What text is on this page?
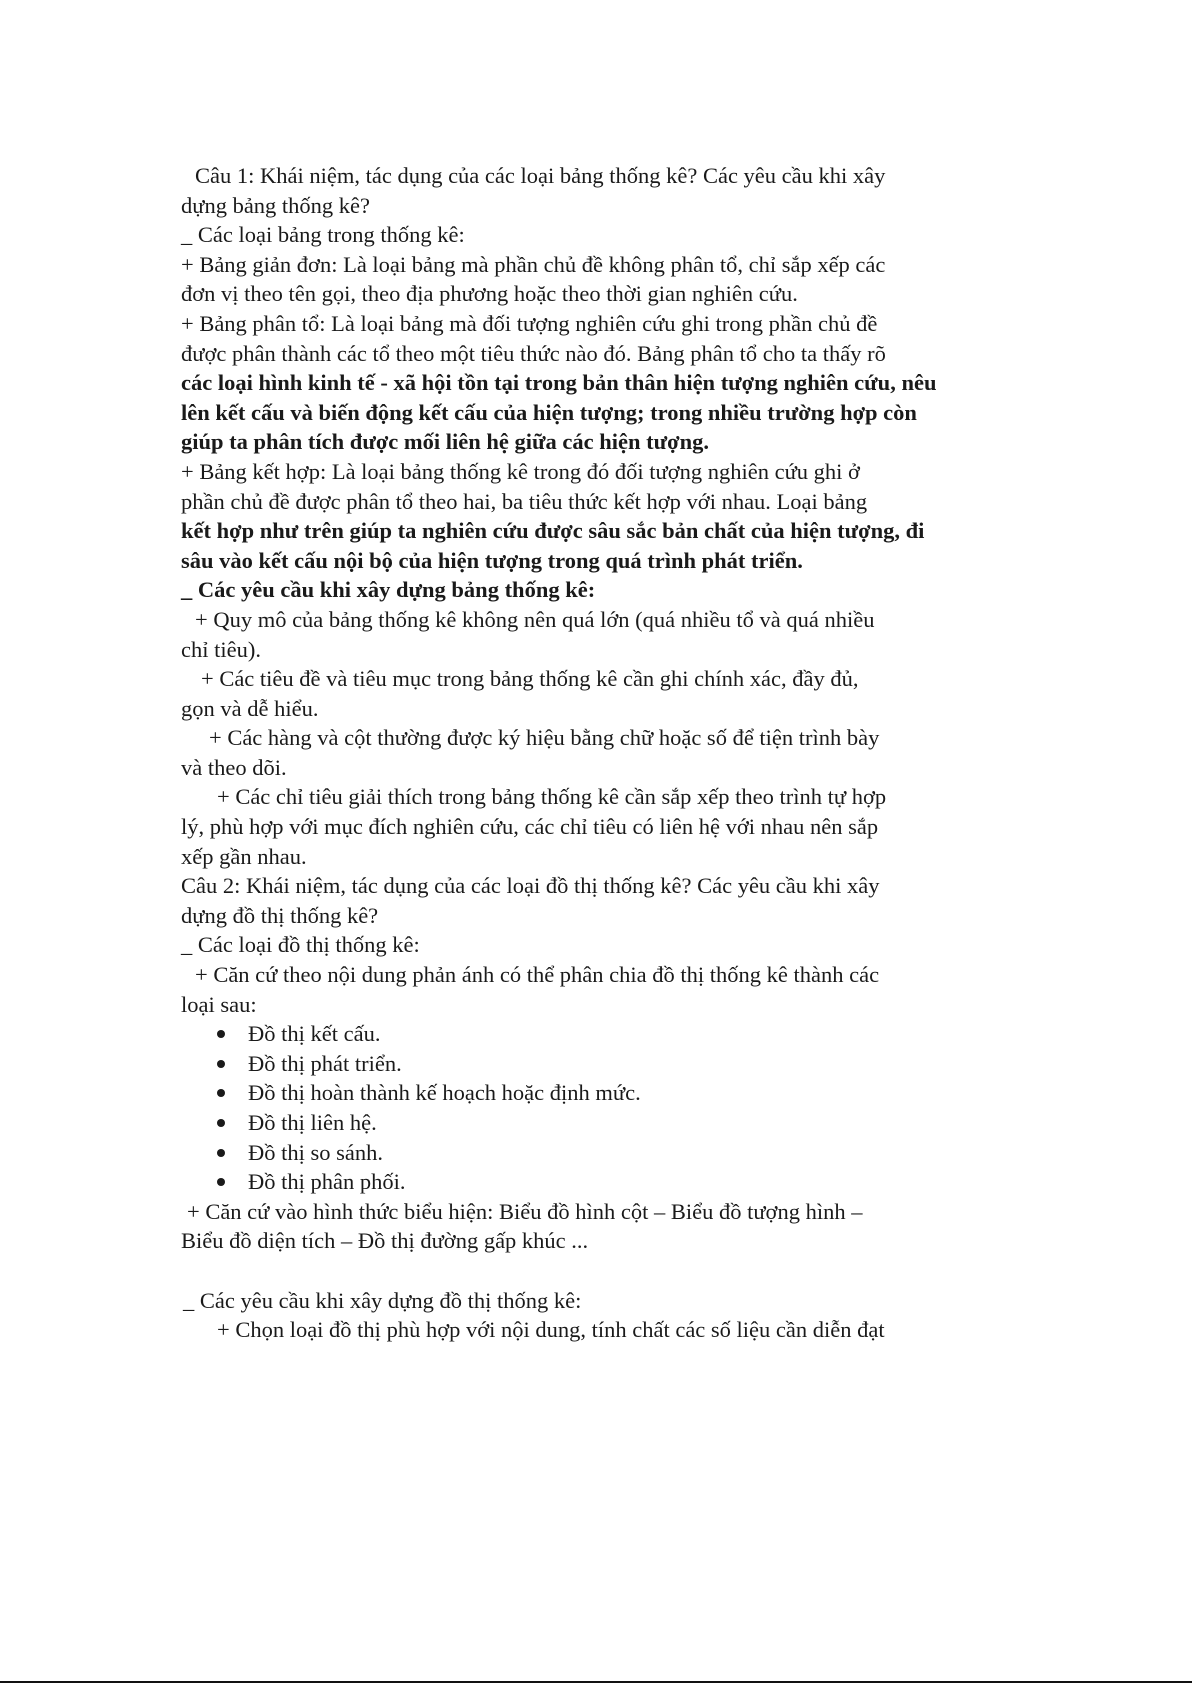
Câu 1: Khái niệm, tác dụng của các loại bảng thống kê? Các yêu cầu khi xây
dựng bảng thống kê?
_ Các loại bảng trong thống kê:
+ Bảng giản đơn: Là loại bảng mà phần chủ đề không phân tổ, chỉ sắp xếp các
đơn vị theo tên gọi, theo địa phương hoặc theo thời gian nghiên cứu.
+ Bảng phân tổ: Là loại bảng mà đối tượng nghiên cứu ghi trong phần chủ đề
được phân thành các tổ theo một tiêu thức nào đó. Bảng phân tổ cho ta thấy rõ
các loại hình kinh tế - xã hội tồn tại trong bản thân hiện tượng nghiên cứu, nêu
lên kết cấu và biến động kết cấu của hiện tượng; trong nhiều trường hợp còn
giúp ta phân tích được mối liên hệ giữa các hiện tượng.
+ Bảng kết hợp: Là loại bảng thống kê trong đó đối tượng nghiên cứu ghi ở
phần chủ đề được phân tổ theo hai, ba tiêu thức kết hợp với nhau. Loại bảng
kết hợp như trên giúp ta nghiên cứu được sâu sắc bản chất của hiện tượng, đi
sâu vào kết cấu nội bộ của hiện tượng trong quá trình phát triển.
_ Các yêu cầu khi xây dựng bảng thống kê:
+ Quy mô của bảng thống kê không nên quá lớn (quá nhiều tổ và quá nhiều
chỉ tiêu).
+ Các tiêu đề và tiêu mục trong bảng thống kê cần ghi chính xác, đầy đủ,
gọn và dễ hiểu.
+ Các hàng và cột thường được ký hiệu bằng chữ hoặc số để tiện trình bày
và theo dõi.
+ Các chỉ tiêu giải thích trong bảng thống kê cần sắp xếp theo trình tự hợp
lý, phù hợp với mục đích nghiên cứu, các chỉ tiêu có liên hệ với nhau nên sắp
xếp gần nhau.
Câu 2: Khái niệm, tác dụng của các loại đồ thị thống kê? Các yêu cầu khi xây
dựng đồ thị thống kê?
_ Các loại đồ thị thống kê:
+ Căn cứ theo nội dung phản ánh có thể phân chia đồ thị thống kê thành các
loại sau:
Đồ thị kết cấu.
Đồ thị phát triển.
Đồ thị hoàn thành kế hoạch hoặc định mức.
Đồ thị liên hệ.
Đồ thị so sánh.
Đồ thị phân phối.
+ Căn cứ vào hình thức biểu hiện: Biểu đồ hình cột – Biểu đồ tượng hình –
Biểu đồ diện tích – Đồ thị đường gấp khúc ...
_ Các yêu cầu khi xây dựng đồ thị thống kê:
+ Chọn loại đồ thị phù hợp với nội dung, tính chất các số liệu cần diễn đạt
